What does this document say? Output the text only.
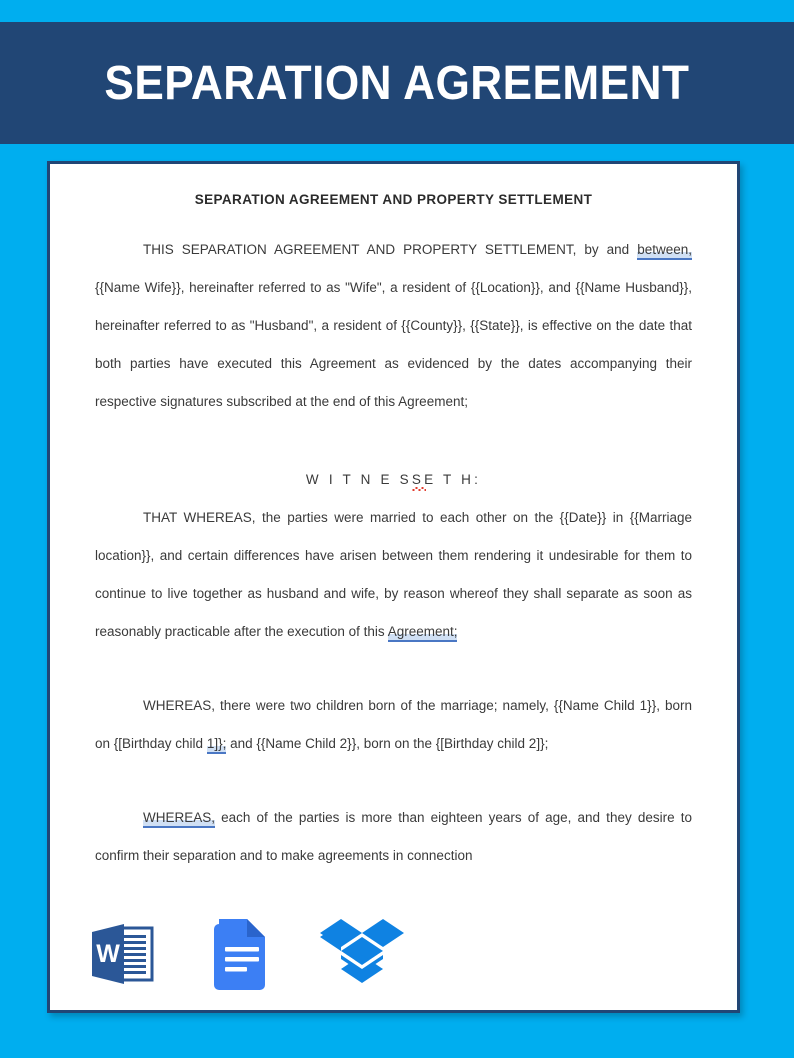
SEPARATION AGREEMENT
SEPARATION AGREEMENT AND PROPERTY SETTLEMENT

THIS SEPARATION AGREEMENT AND PROPERTY SETTLEMENT, by and between, {{Name Wife}}, hereinafter referred to as "Wife", a resident of {{Location}}, and {{Name Husband}}, hereinafter referred to as "Husband", a resident of {{County}}, {{State}}, is effective on the date that both parties have executed this Agreement as evidenced by the dates accompanying their respective signatures subscribed at the end of this Agreement;

W I T N E SSE T H:

THAT WHEREAS, the parties were married to each other on the {{Date}} in {{Marriage location}}, and certain differences have arisen between them rendering it undesirable for them to continue to live together as husband and wife, by reason whereof they shall separate as soon as reasonably practicable after the execution of this Agreement;

WHEREAS, there were two children born of the marriage; namely, {{Name Child 1}}, born on {[Birthday child 1]}; and {{Name Child 2}}, born on the {[Birthday child 2]};

WHEREAS, each of the parties is more than eighteen years of age, and they desire to confirm their separation and to make agreements in connection

W
